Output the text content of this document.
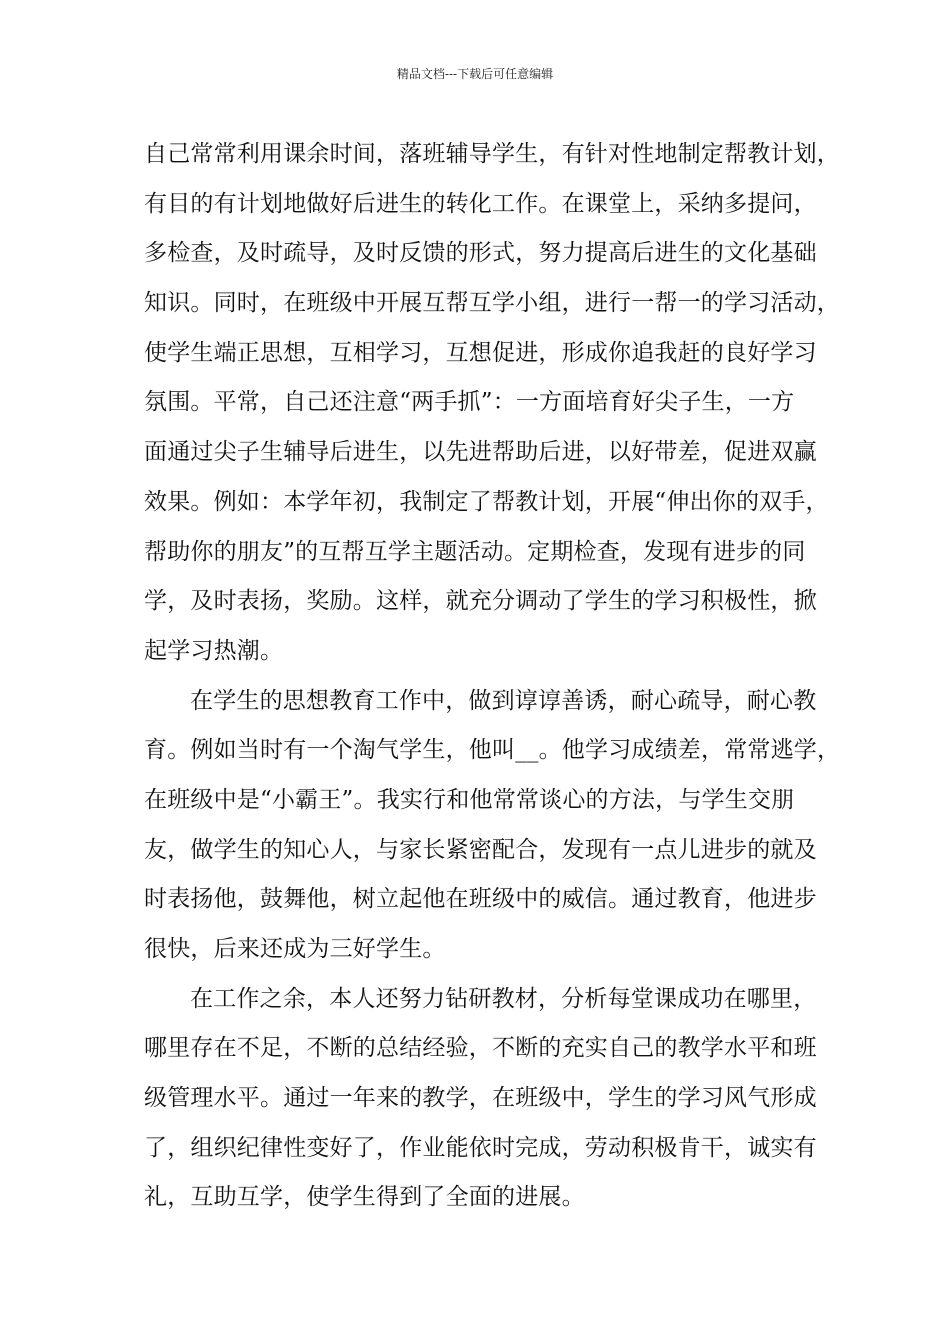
精品文档---下载后可任意编辑
自己常常利用课余时间，落班辅导学生，有针对性地制定帮教计划，
有目的有计划地做好后进生的转化工作。在课堂上，采纳多提问，
多检查，及时疏导，及时反馈的形式，努力提高后进生的文化基础
知识。同时，在班级中开展互帮互学小组，进行一帮一的学习活动，
使学生端正思想，互相学习，互想促进，形成你追我赶的良好学习
氛围。平常，自己还注意“两手抓”：一方面培育好尖子生，一方
面通过尖子生辅导后进生，以先进帮助后进，以好带差，促进双赢
效果。例如：本学年初，我制定了帮教计划，开展“伸出你的双手，
帮助你的朋友”的互帮互学主题活动。定期检查，发现有进步的同
学，及时表扬，奖励。这样，就充分调动了学生的学习积极性，掀
起学习热潮。
在学生的思想教育工作中，做到谆谆善诱，耐心疏导，耐心教
育。例如当时有一个淘气学生，他叫__。他学习成绩差，常常逃学，
在班级中是“小霸王”。我实行和他常常谈心的方法，与学生交朋
友，做学生的知心人，与家长紧密配合，发现有一点儿进步的就及
时表扬他，鼓舞他，树立起他在班级中的威信。通过教育，他进步
很快，后来还成为三好学生。
在工作之余，本人还努力钻研教材，分析每堂课成功在哪里，
哪里存在不足，不断的总结经验，不断的充实自己的教学水平和班
级管理水平。通过一年来的教学，在班级中，学生的学习风气形成
了，组织纪律性变好了，作业能依时完成，劳动积极肯干，诚实有
礼，互助互学，使学生得到了全面的进展。
